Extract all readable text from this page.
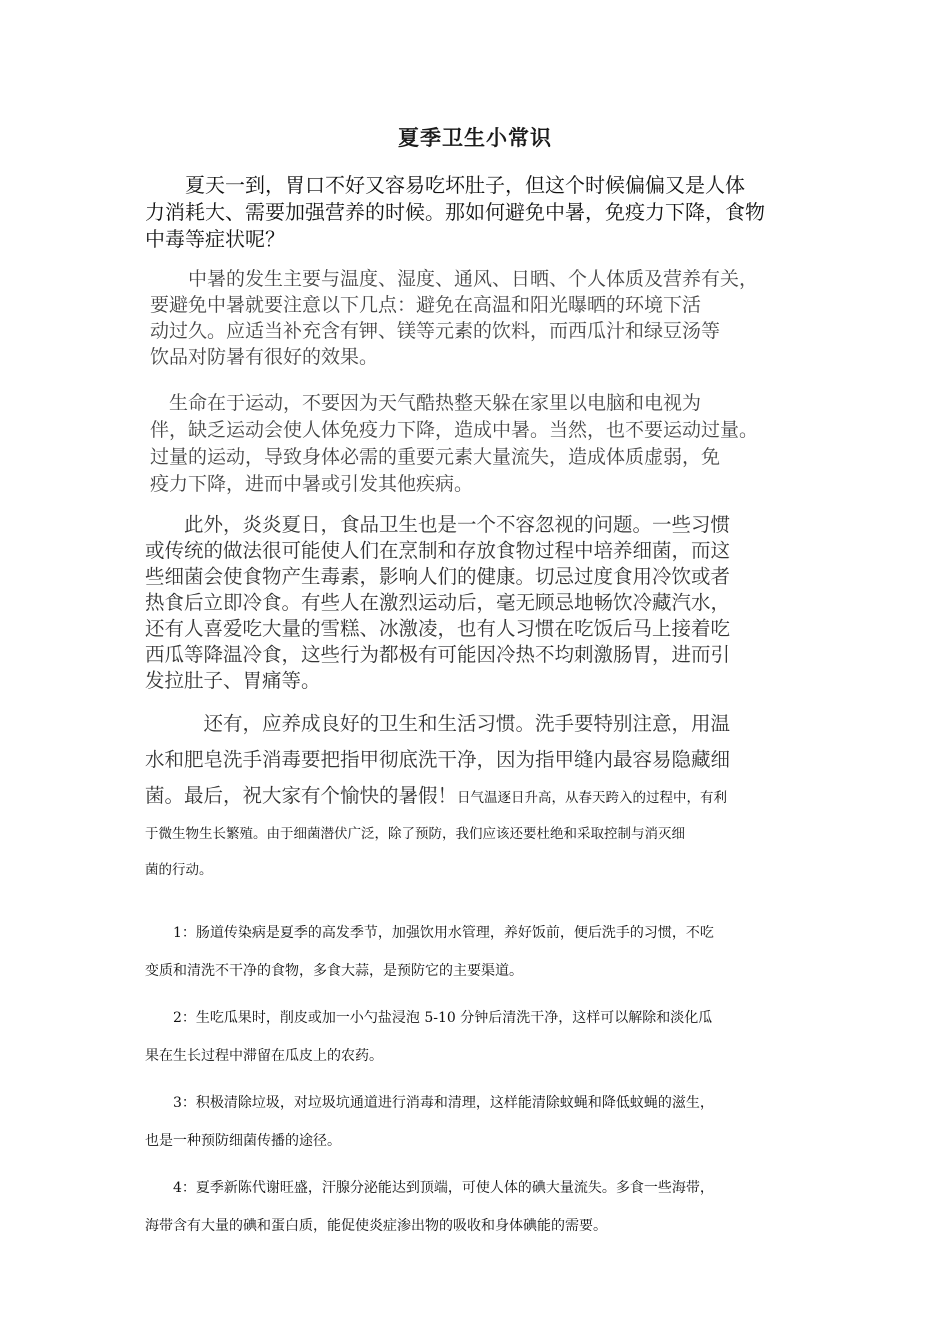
夏季卫生小常识

　　夏天一到，胃口不好又容易吃坏肚子，但这个时候偏偏又是人体
力消耗大、需要加强营养的时候。那如何避免中暑，免疫力下降，食物
中毒等症状呢？

　　中暑的发生主要与温度、湿度、通风、日晒、个人体质及营养有关，
要避免中暑就要注意以下几点：避免在高温和阳光曝晒的环境下活
动过久。应适当补充含有钾、镁等元素的饮料，而西瓜汁和绿豆汤等
饮品对防暑有很好的效果。

　生命在于运动，不要因为天气酷热整天躲在家里以电脑和电视为
伴，缺乏运动会使人体免疫力下降，造成中暑。当然，也不要运动过量。
过量的运动，导致身体必需的重要元素大量流失，造成体质虚弱，免
疫力下降，进而中暑或引发其他疾病。

　　此外，炎炎夏日，食品卫生也是一个不容忽视的问题。一些习惯
或传统的做法很可能使人们在烹制和存放食物过程中培养细菌，而这
些细菌会使食物产生毒素，影响人们的健康。切忌过度食用冷饮或者
热食后立即冷食。有些人在激烈运动后，毫无顾忌地畅饮冷藏汽水，
还有人喜爱吃大量的雪糕、冰激凌，也有人习惯在吃饭后马上接着吃
西瓜等降温冷食，这些行为都极有可能因冷热不均刺激肠胃，进而引
发拉肚子、胃痛等。

　　　还有，应养成良好的卫生和生活习惯。洗手要特别注意，用温
水和肥皂洗手消毒要把指甲彻底洗干净，因为指甲缝内最容易隐藏细
菌。最后，祝大家有个愉快的暑假！日气温逐日升高，从春天跨入的过程中，有利
于微生物生长繁殖。由于细菌潜伏广泛，除了预防，我们应该还要杜绝和采取控制与消灭细
菌的行动。

　　1：肠道传染病是夏季的高发季节，加强饮用水管理，养好饭前，便后洗手的习惯，不吃
变质和清洗不干净的食物，多食大蒜，是预防它的主要渠道。

　　2：生吃瓜果时，削皮或加一小勺盐浸泡 5-10 分钟后清洗干净，这样可以解除和淡化瓜
果在生长过程中滞留在瓜皮上的农药。

　　3：积极清除垃圾，对垃圾坑通道进行消毒和清理，这样能清除蚊蝇和降低蚊蝇的滋生，
也是一种预防细菌传播的途径。

　　4：夏季新陈代谢旺盛，汗腺分泌能达到顶端，可使人体的碘大量流失。多食一些海带，
海带含有大量的碘和蛋白质，能促使炎症渗出物的吸收和身体碘能的需要。
